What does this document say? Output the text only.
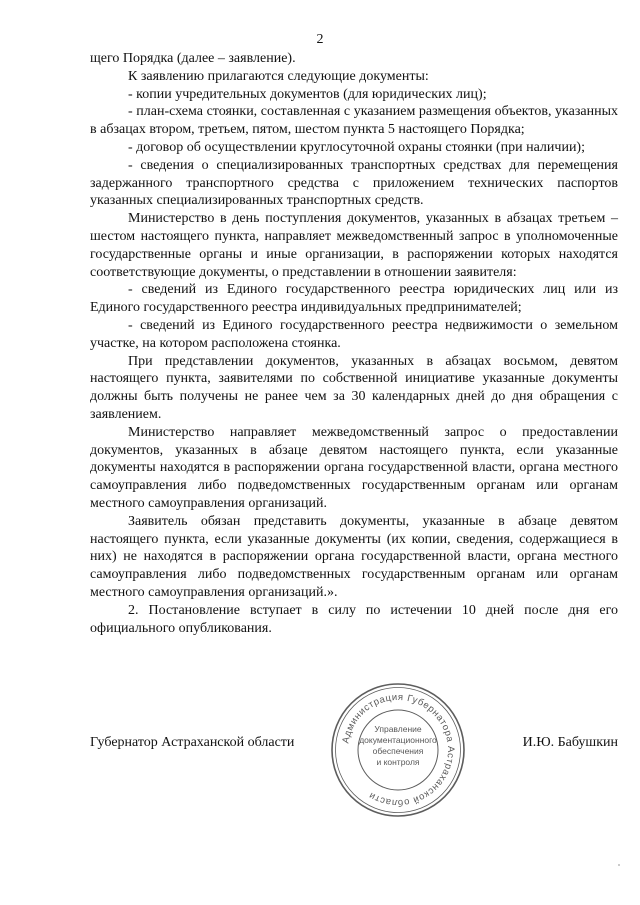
2

щего Порядка (далее – заявление).

К заявлению прилагаются следующие документы:

- копии учредительных документов (для юридических лиц);

- план-схема стоянки, составленная с указанием размещения объектов, указанных в абзацах втором, третьем, пятом, шестом пункта 5 настоящего Порядка;

- договор об осуществлении круглосуточной охраны стоянки (при наличии);

- сведения о специализированных транспортных средствах для перемещения задержанного транспортного средства с приложением технических паспортов указанных специализированных транспортных средств.

Министерство в день поступления документов, указанных в абзацах третьем – шестом настоящего пункта, направляет межведомственный запрос в уполномоченные государственные органы и иные организации, в распоряжении которых находятся соответствующие документы, о представлении в отношении заявителя:

- сведений из Единого государственного реестра юридических лиц или из Единого государственного реестра индивидуальных предпринимателей;

- сведений из Единого государственного реестра недвижимости о земельном участке, на котором расположена стоянка.

При представлении документов, указанных в абзацах восьмом, девятом настоящего пункта, заявителями по собственной инициативе указанные документы должны быть получены не ранее чем за 30 календарных дней до дня обращения с заявлением.

Министерство направляет межведомственный запрос о предоставлении документов, указанных в абзаце девятом настоящего пункта, если указанные документы находятся в распоряжении органа государственной власти, органа местного самоуправления либо подведомственных государственным органам или органам местного самоуправления организаций.

Заявитель обязан представить документы, указанные в абзаце девятом настоящего пункта, если указанные документы (их копии, сведения, содержащиеся в них) не находятся в распоряжении органа государственной власти, органа местного самоуправления либо подведомственных государственным органам или органам местного самоуправления организаций.».

2. Постановление вступает в силу по истечении 10 дней после дня его официального опубликования.

Губернатор Астраханской области	И.Ю. Бабушкин
Администрация Губернатора Астраханской области
Управление
документационного
обеспечения
и контроля
